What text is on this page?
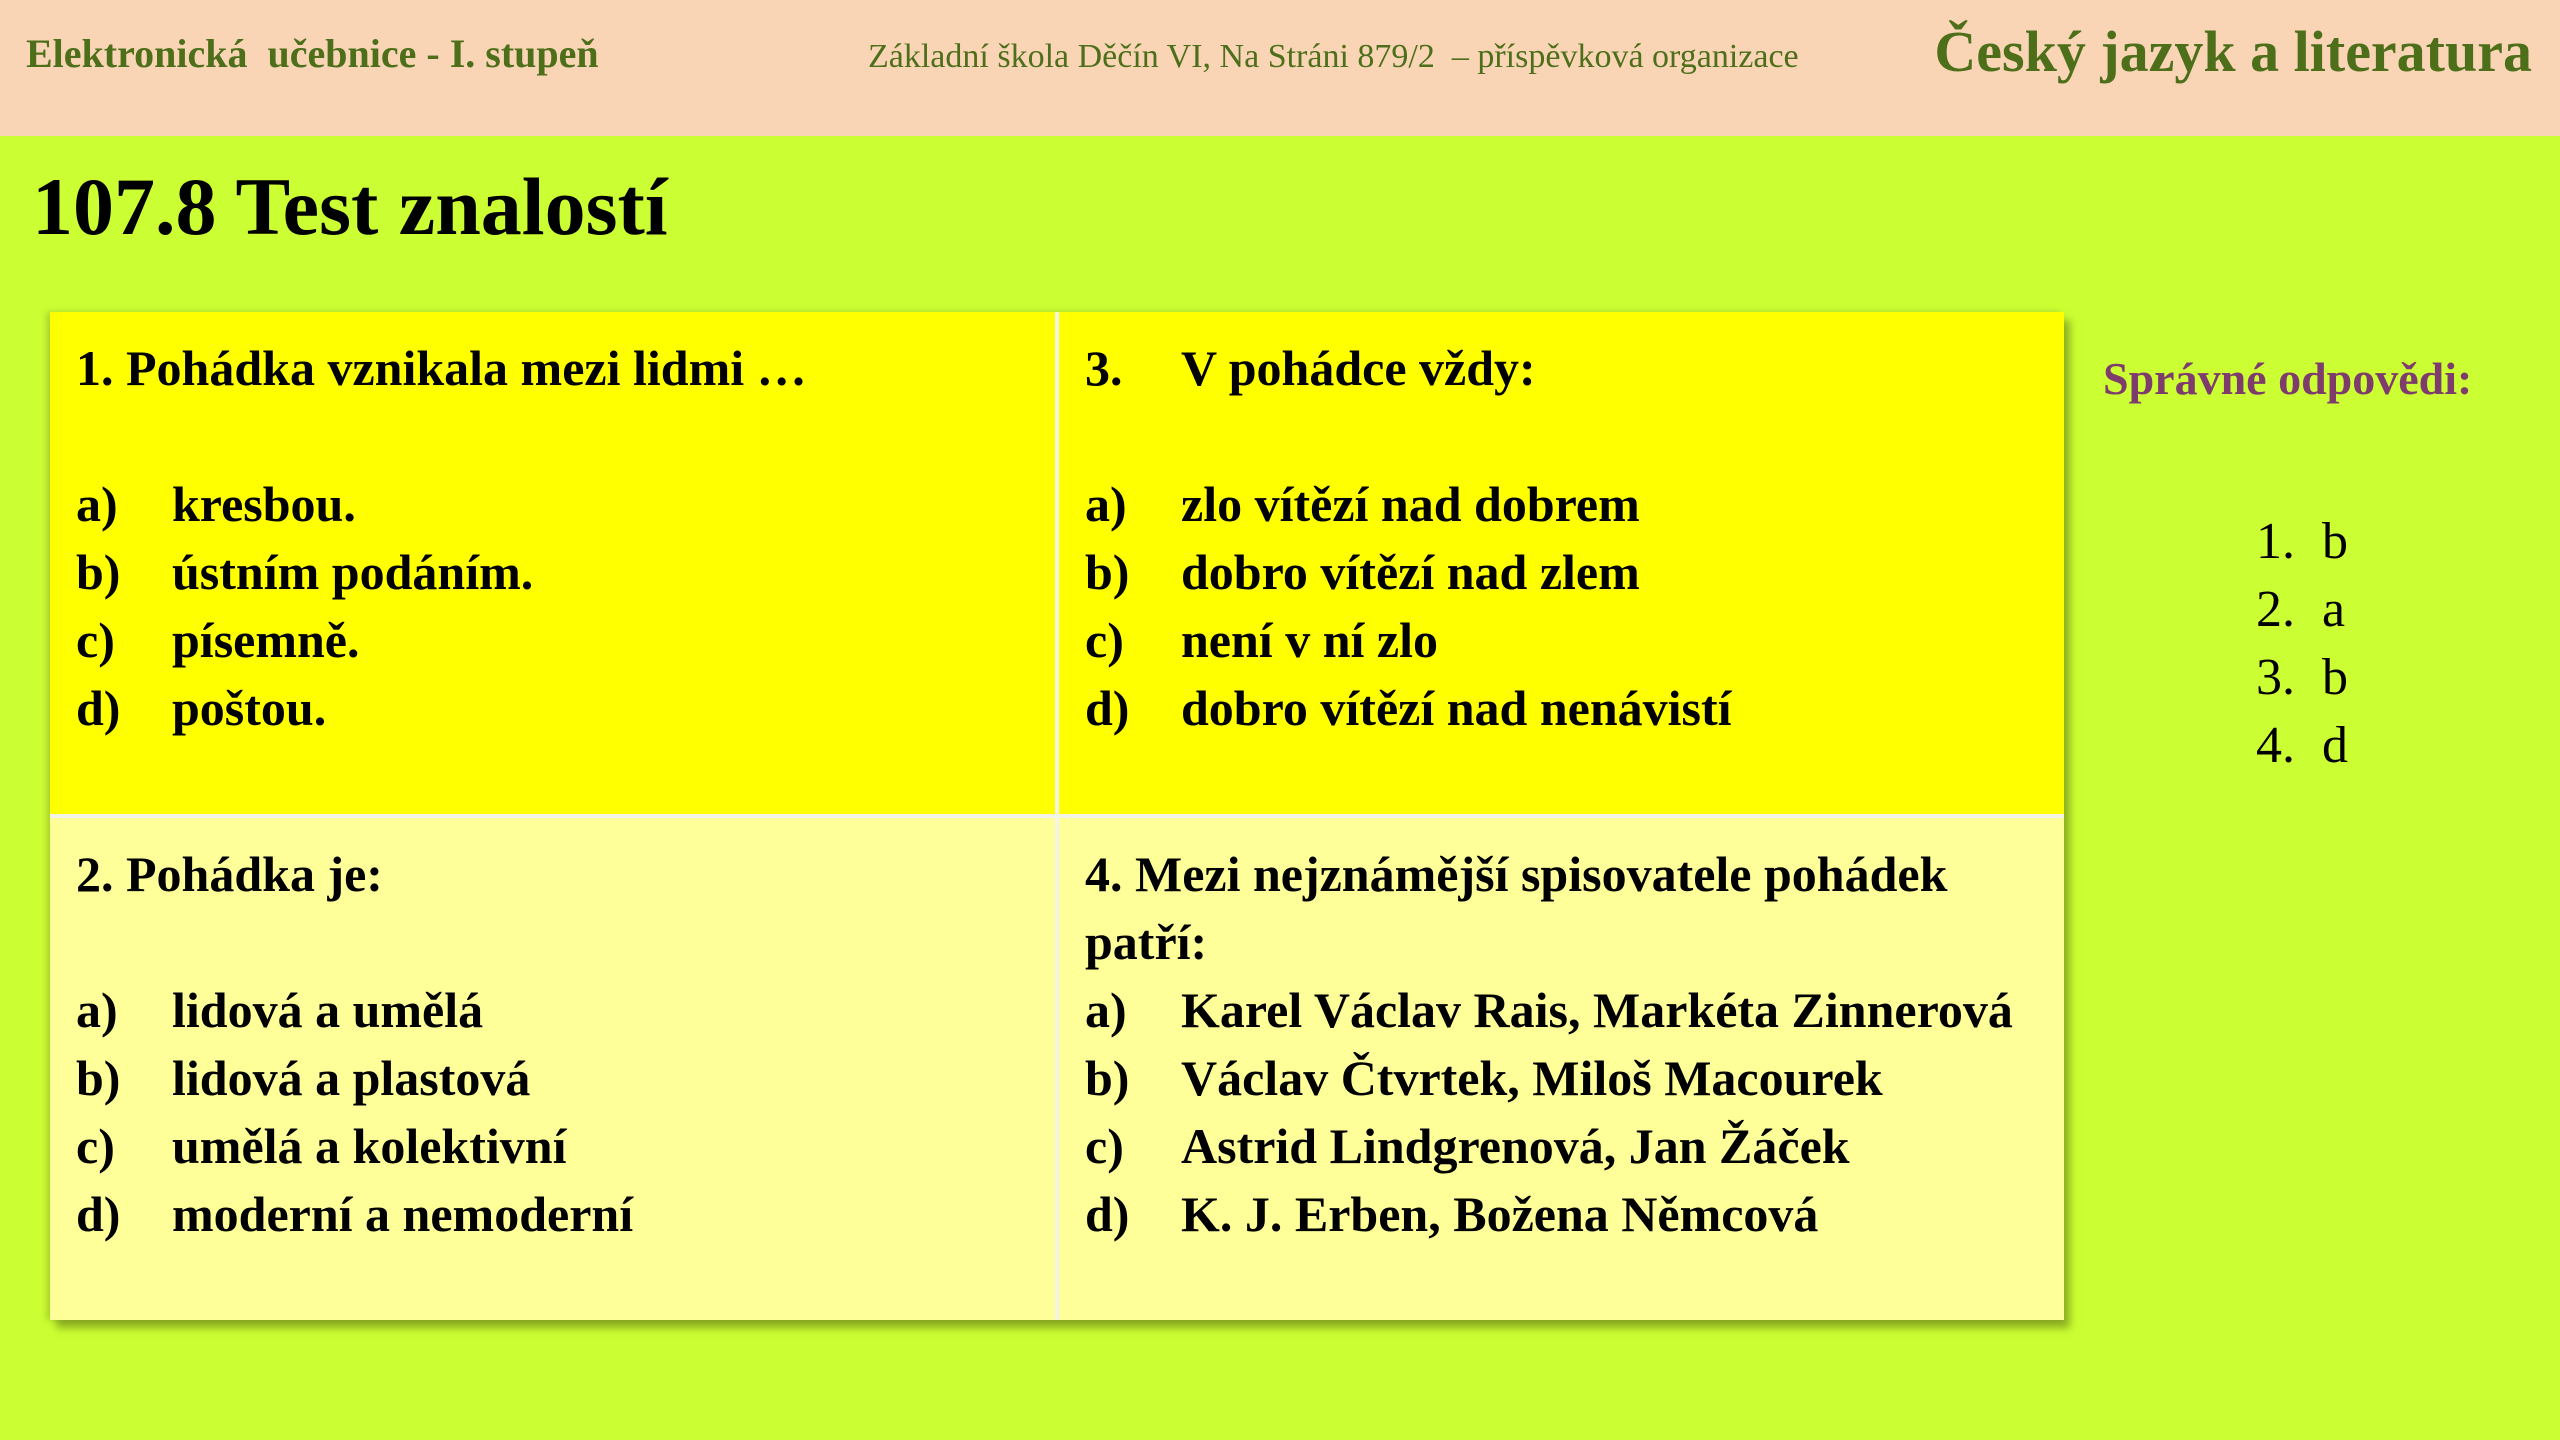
Elektronická  učebnice - I. stupeň	Základní škola Děčín VI, Na Stráni 879/2  – příspěvková organizace Český jazyk a literatura
107.8 Test znalostí
1. Pohádka vznikala mezi lidmi …
a)	kresbou.
b)	ústním podáním.
c)	písemně.
d)	poštou.
3. V pohádce vždy:
a)	zlo vítězí nad dobrem
b)	dobro vítězí nad zlem
c)	není v ní zlo
d)	dobro vítězí nad nenávistí
2. Pohádka je:
a)	lidová a umělá
b)	lidová a plastová
c)	umělá a kolektivní
d)	moderní a nemoderní
4. Mezi nejznámější spisovatele pohádek patří:
a)	Karel Václav Rais, Markéta Zinnerová
b)	Václav Čtvrtek, Miloš Macourek
c)	Astrid Lindgrenová, Jan Žáček
d)	K. J. Erben, Božena Němcová
Správné odpovědi:
1. b
2. a
3. b
4. d
